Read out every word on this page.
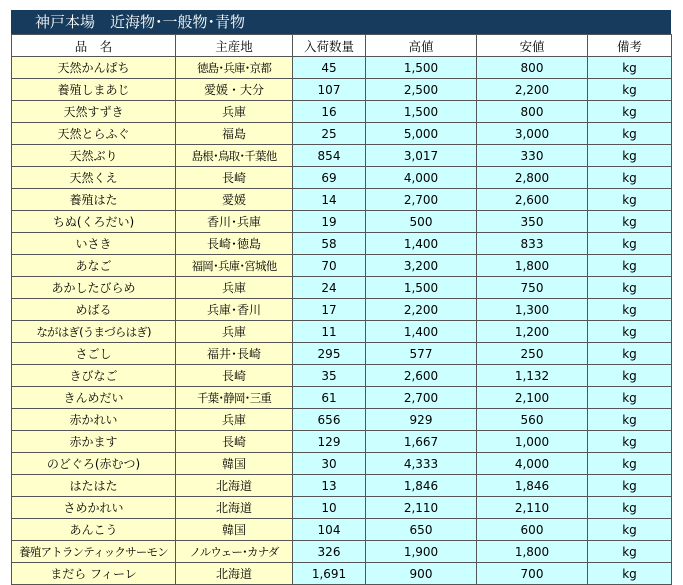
神戸本場　近海物･一般物･青物
品　名	主産地	入荷数量	高値	安値	備考
天然かんぱち	徳島･兵庫･京都	45	1,500	800	kg
養殖しまあじ	愛媛・大分	107	2,500	2,200	kg
天然すずき	兵庫	16	1,500	800	kg
天然とらふぐ	福島	25	5,000	3,000	kg
天然ぶり	島根･鳥取･千葉他	854	3,017	330	kg
天然くえ	長崎	69	4,000	2,800	kg
養殖はた	愛媛	14	2,700	2,600	kg
ちぬ(くろだい)	香川･兵庫	19	500	350	kg
いさき	長崎･徳島	58	1,400	833	kg
あなご	福岡･兵庫･宮城他	70	3,200	1,800	kg
あかしたびらめ	兵庫	24	1,500	750	kg
めばる	兵庫･香川	17	2,200	1,300	kg
ながはぎ(うまづらはぎ)	兵庫	11	1,400	1,200	kg
さごし	福井･長崎	295	577	250	kg
きびなご	長崎	35	2,600	1,132	kg
きんめだい	千葉･静岡･三重	61	2,700	2,100	kg
赤かれい	兵庫	656	929	560	kg
赤かます	長崎	129	1,667	1,000	kg
のどぐろ(赤むつ)	韓国	30	4,333	4,000	kg
はたはた	北海道	13	1,846	1,846	kg
さめかれい	北海道	10	2,110	2,110	kg
あんこう	韓国	104	650	600	kg
養殖アトランティックサーモン	ノルウェー･カナダ	326	1,900	1,800	kg
まだら フィーレ	北海道	1,691	900	700	kg
